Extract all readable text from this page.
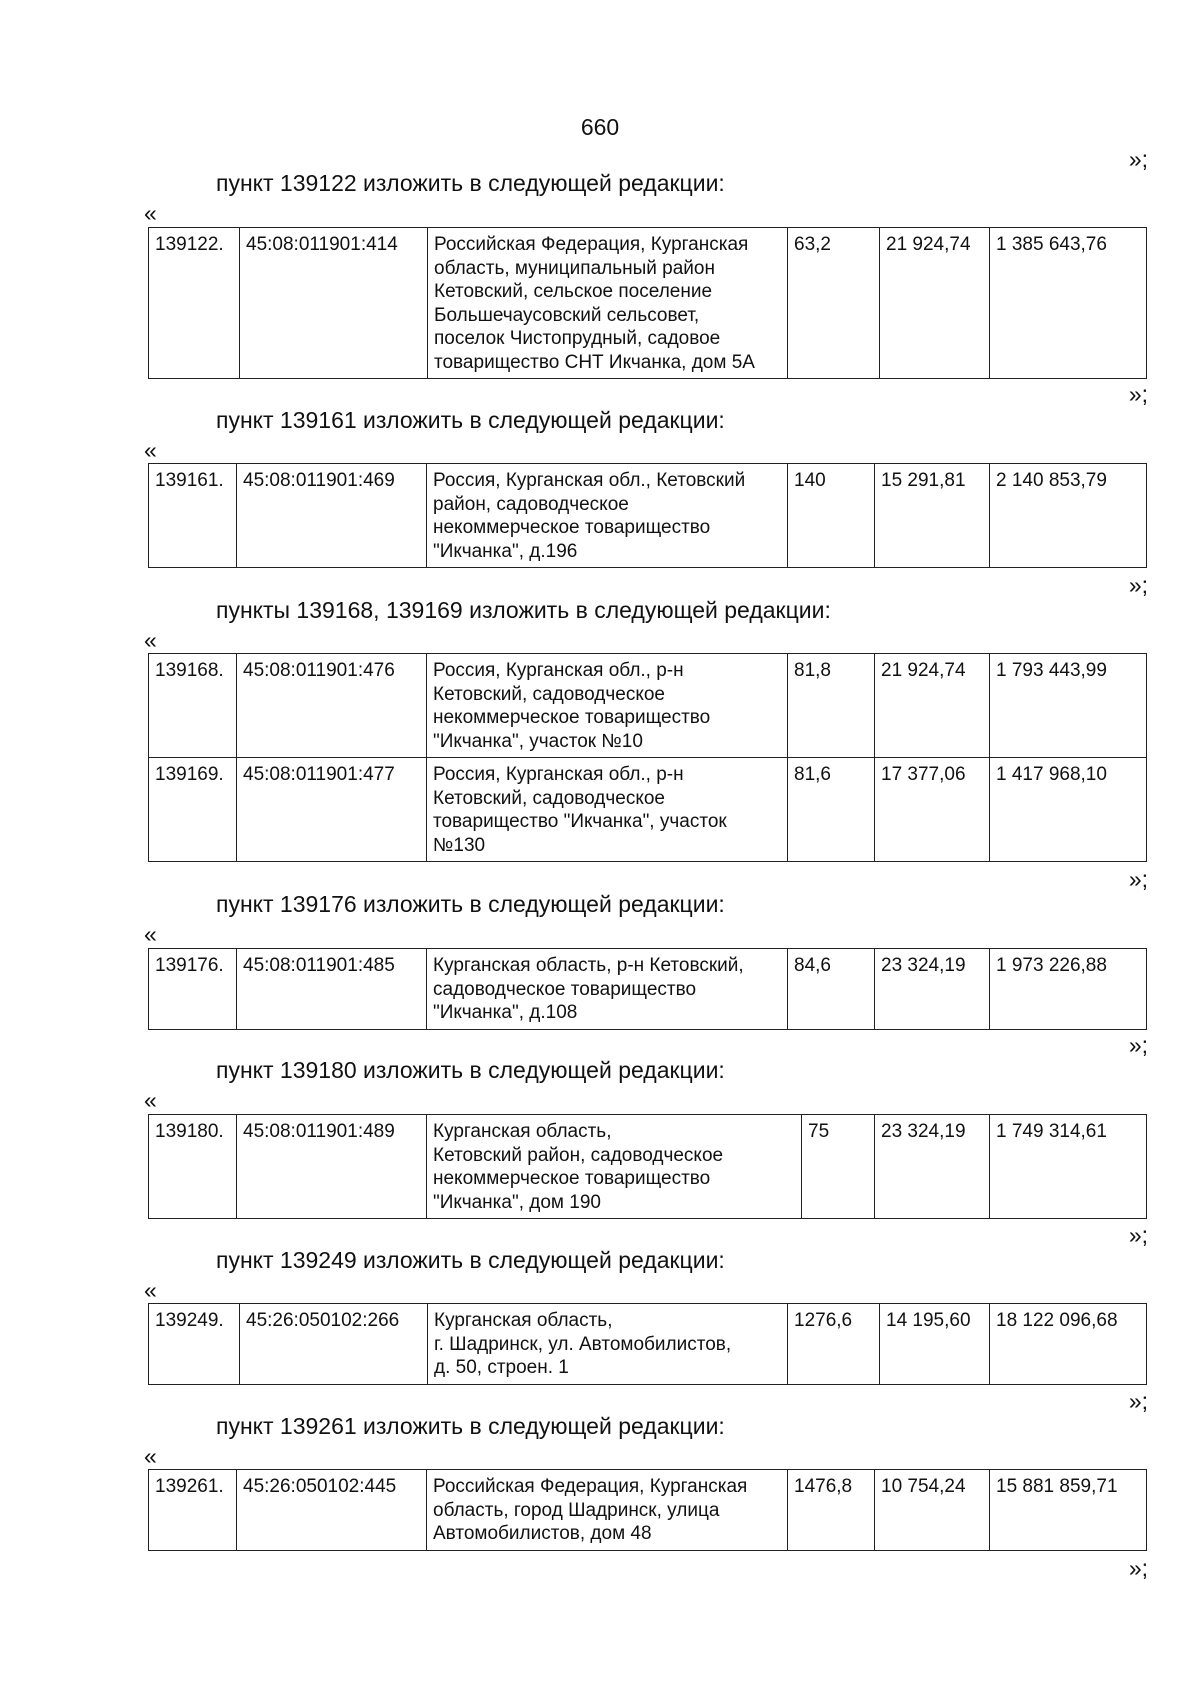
660
»;
пункт 139122 изложить в следующей редакции:
«
139122.	45:08:011901:414	Российская Федерация, Курганская
область, муниципальный район
Кетовский, сельское поселение
Большечаусовский сельсовет,
поселок Чистопрудный, садовое
товарищество СНТ Икчанка, дом 5А
	63,2	21 924,74	1 385 643,76
»;
пункт 139161 изложить в следующей редакции:
«
139161.	45:08:011901:469	Россия, Курганская обл., Кетовский
район, садоводческое
некоммерческое товарищество
"Икчанка", д.196
	140	15 291,81	2 140 853,79
»;
пункты 139168, 139169 изложить в следующей редакции:
«
139168.	45:08:011901:476	Россия, Курганская обл., р-н
Кетовский, садоводческое
некоммерческое товарищество
"Икчанка", участок №10	81,8	21 924,74	1 793 443,99
139169.	45:08:011901:477	Россия, Курганская обл., р-н
Кетовский, садоводческое
товарищество "Икчанка", участок
№130	81,6	17 377,06	1 417 968,10
»;
пункт 139176 изложить в следующей редакции:
«
139176.	45:08:011901:485	Курганская область, р-н Кетовский,
садоводческое товарищество
"Икчанка", д.108
	84,6	23 324,19	1 973 226,88
»;
пункт 139180 изложить в следующей редакции:
«
139180.	45:08:011901:489	Курганская область,
Кетовский район, садоводческое
некоммерческое товарищество
"Икчанка", дом 190
	75	23 324,19	1 749 314,61
»;
пункт 139249 изложить в следующей редакции:
«
139249.	45:26:050102:266	Курганская область,
г. Шадринск, ул. Автомобилистов,
д. 50, строен. 1
	1276,6	14 195,60	18 122 096,68
»;
пункт 139261 изложить в следующей редакции:
«
139261.	45:26:050102:445	Российская Федерация, Курганская
область, город Шадринск, улица
Автомобилистов, дом 48
	1476,8	10 754,24	15 881 859,71
»;
